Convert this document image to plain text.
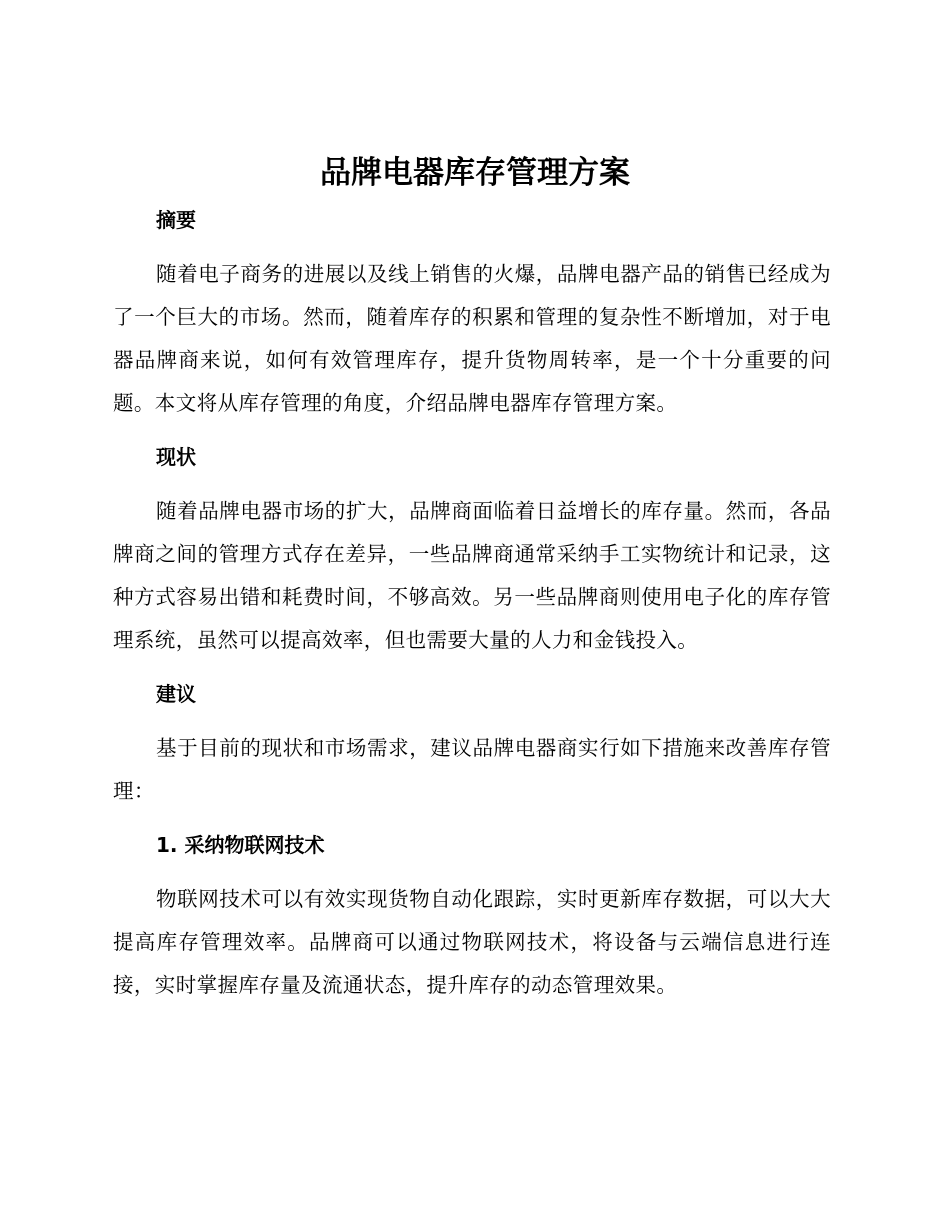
品牌电器库存管理方案
摘要
随着电子商务的进展以及线上销售的火爆，品牌电器产品的销售已经成为了一个巨大的市场。然而，随着库存的积累和管理的复杂性不断增加，对于电器品牌商来说，如何有效管理库存，提升货物周转率，是一个十分重要的问题。本文将从库存管理的角度，介绍品牌电器库存管理方案。
现状
随着品牌电器市场的扩大，品牌商面临着日益增长的库存量。然而，各品牌商之间的管理方式存在差异，一些品牌商通常采纳手工实物统计和记录，这种方式容易出错和耗费时间，不够高效。另一些品牌商则使用电子化的库存管理系统，虽然可以提高效率，但也需要大量的人力和金钱投入。
建议
基于目前的现状和市场需求，建议品牌电器商实行如下措施来改善库存管理：
1. 采纳物联网技术
物联网技术可以有效实现货物自动化跟踪，实时更新库存数据，可以大大提高库存管理效率。品牌商可以通过物联网技术，将设备与云端信息进行连接，实时掌握库存量及流通状态，提升库存的动态管理效果。
